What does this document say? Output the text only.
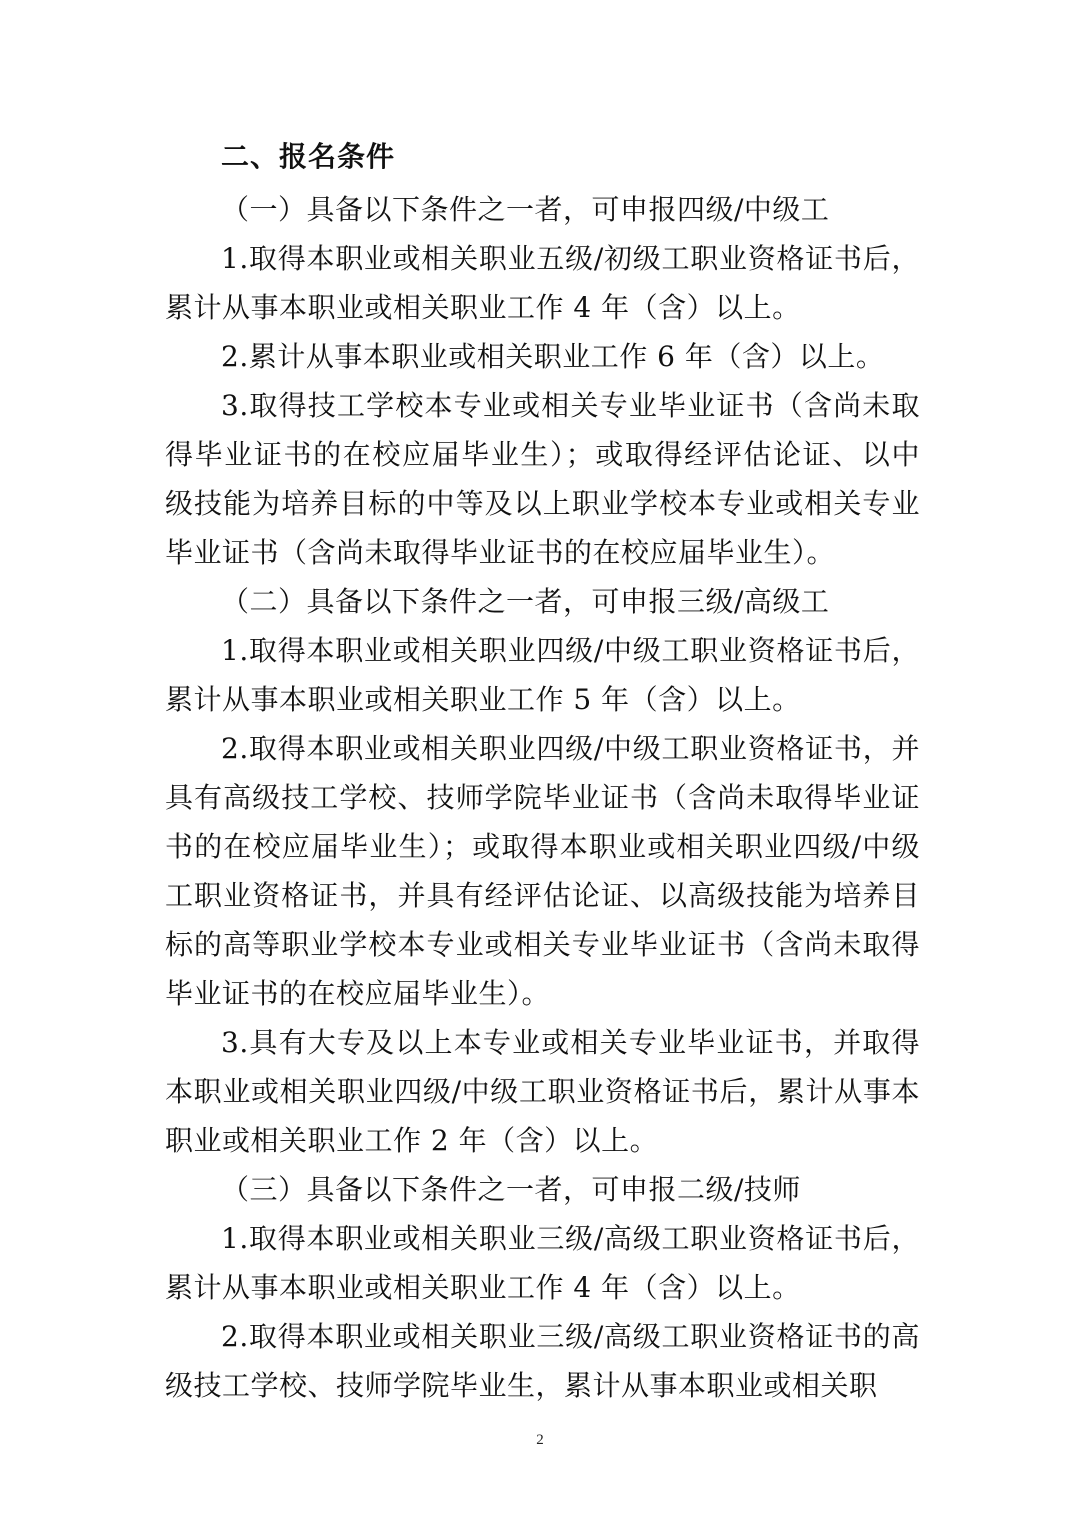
二、报名条件

（一）具备以下条件之一者，可申报四级/中级工

1.取得本职业或相关职业五级/初级工职业资格证书后，累计从事本职业或相关职业工作 4 年（含）以上。

2.累计从事本职业或相关职业工作 6 年（含）以上。

3.取得技工学校本专业或相关专业毕业证书（含尚未取得毕业证书的在校应届毕业生）；或取得经评估论证、以中级技能为培养目标的中等及以上职业学校本专业或相关专业毕业证书（含尚未取得毕业证书的在校应届毕业生）。

（二）具备以下条件之一者，可申报三级/高级工

1.取得本职业或相关职业四级/中级工职业资格证书后，累计从事本职业或相关职业工作 5 年（含）以上。

2.取得本职业或相关职业四级/中级工职业资格证书，并具有高级技工学校、技师学院毕业证书（含尚未取得毕业证书的在校应届毕业生）；或取得本职业或相关职业四级/中级工职业资格证书，并具有经评估论证、以高级技能为培养目标的高等职业学校本专业或相关专业毕业证书（含尚未取得毕业证书的在校应届毕业生）。

3.具有大专及以上本专业或相关专业毕业证书，并取得本职业或相关职业四级/中级工职业资格证书后，累计从事本职业或相关职业工作 2 年（含）以上。

（三）具备以下条件之一者，可申报二级/技师

1.取得本职业或相关职业三级/高级工职业资格证书后，累计从事本职业或相关职业工作 4 年（含）以上。

2.取得本职业或相关职业三级/高级工职业资格证书的高级技工学校、技师学院毕业生，累计从事本职业或相关职

2
